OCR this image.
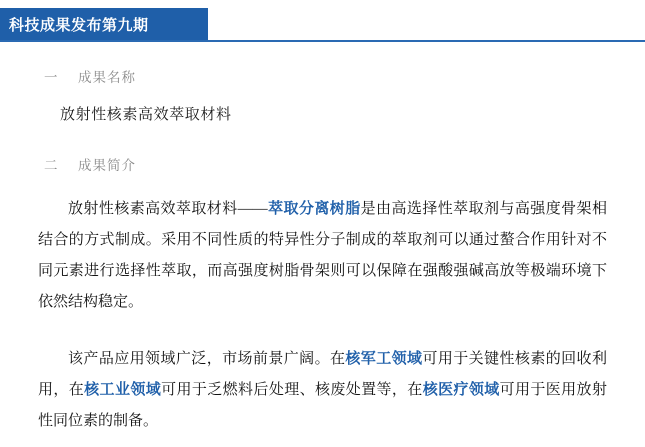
科技成果发布第九期
一	成果名称
放射性核素高效萃取材料
二	成果简介

放射性核素高效萃取材料——萃取分离树脂是由高选择性萃取剂与高强度骨架相结合的方式制成。采用不同性质的特异性分子制成的萃取剂可以通过螯合作用针对不同元素进行选择性萃取，而高强度树脂骨架则可以保障在强酸强碱高放等极端环境下依然结构稳定。

该产品应用领域广泛，市场前景广阔。在核军工领域可用于关键性核素的回收利用，在核工业领域可用于乏燃料后处理、核废处置等，在核医疗领域可用于医用放射性同位素的制备。
